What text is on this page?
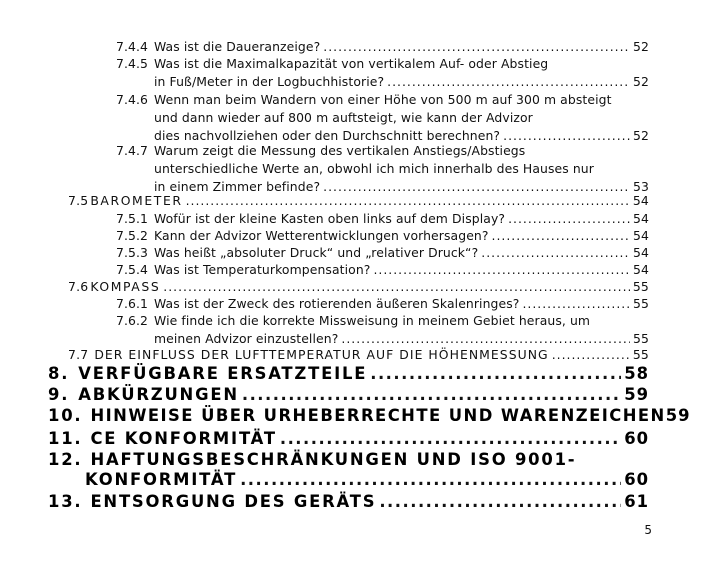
7.4.4 Was ist die Daueranzeige? .....	52
7.4.5 Was ist die Maximalkapazität von vertikalem Auf- oder Abstieg
in Fuß/Meter in der Logbuchhistorie? .....	52
7.4.6 Wenn man beim Wandern von einer Höhe von 500 m auf 300 m absteigt
und dann wieder auf 800 m auftsteigt, wie kann der Advizor
dies nachvollziehen oder den Durchschnitt berechnen? .....	52
7.4.7 Warum zeigt die Messung des vertikalen Anstiegs/Abstiegs
unterschiedliche Werte an, obwohl ich mich innerhalb des Hauses nur
in einem Zimmer befinde? .....	53
7.5 BAROMETER .....	54
7.5.1 Wofür ist der kleine Kasten oben links auf dem Display? .....	54
7.5.2 Kann der Advizor Wetterentwicklungen vorhersagen? .....	54
7.5.3 Was heißt „absoluter Druck“ und „relativer Druck“? .....	54
7.5.4 Was ist Temperaturkompensation? .....	54
7.6 KOMPASS .....	55
7.6.1 Was ist der Zweck des rotierenden äußeren Skalenringes? .....	55
7.6.2 Wie finde ich die korrekte Missweisung in meinem Gebiet heraus, um
meinen Advizor einzustellen? .....	55
7.7 DER EINFLUSS DER LUFTTEMPERATUR AUF DIE HÖHENMESSUNG .....	55
8. VERFÜGBARE ERSATZTEILE .....	58
9. ABKÜRZUNGEN .....	59
10. HINWEISE ÜBER URHEBERRECHTE UND WARENZEICHEN 59
11. CE KONFORMITÄT .....	60
12. HAFTUNGSBESCHRÄNKUNGEN UND ISO 9001-
KONFORMITÄT .....	60
13. ENTSORGUNG DES GERÄTS .....	61
5
